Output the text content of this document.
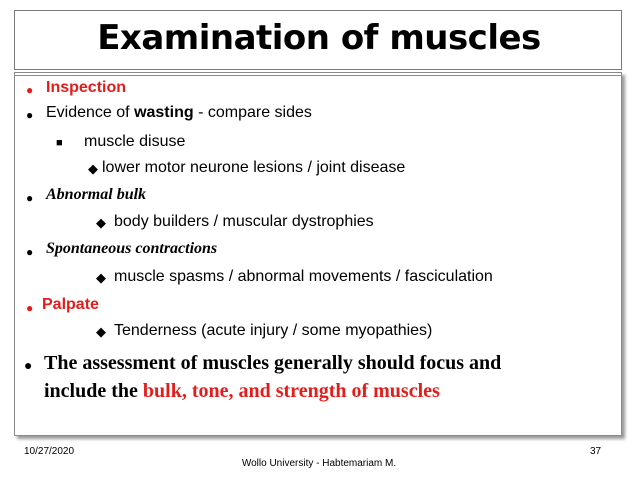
Examination of muscles
● Inspection
● Evidence of wasting - compare sides
■ muscle disuse
◆ lower motor neurone lesions / joint disease
● Abnormal bulk
◆ body builders / muscular dystrophies
● Spontaneous contractions
◆ muscle spasms / abnormal movements / fasciculation
● Palpate
◆ Tenderness (acute injury / some myopathies)
● The assessment of muscles generally should focus and
include the bulk, tone, and strength of muscles
10/27/2020
Wollo University - Habtemariam M.
37
